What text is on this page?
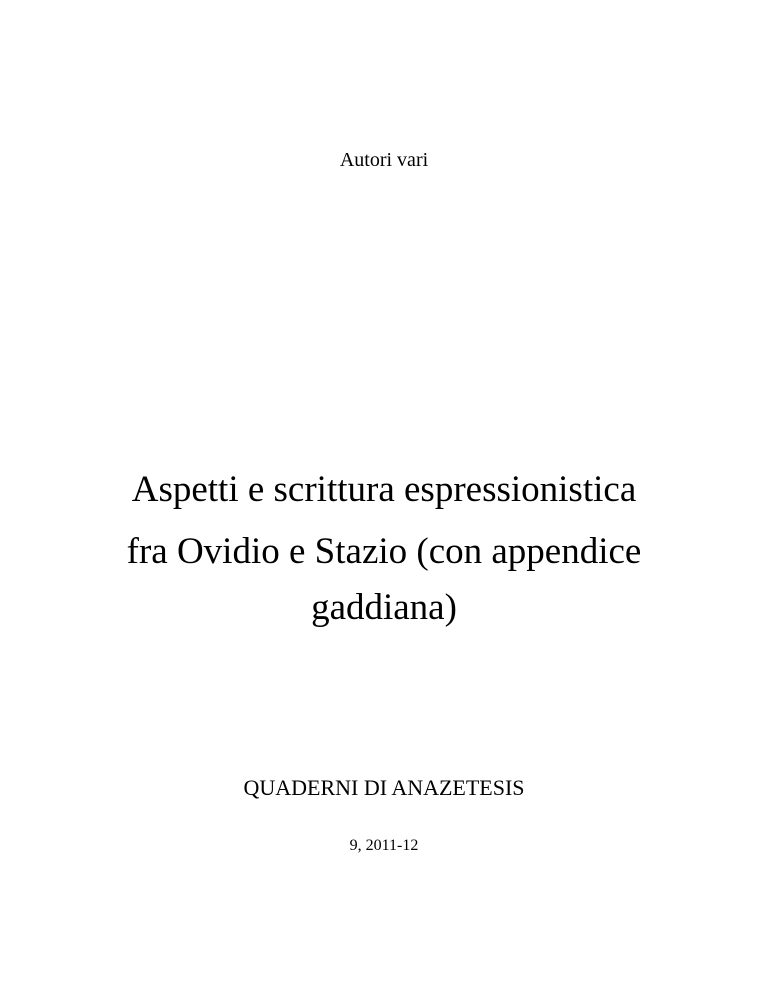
Autori vari
Aspetti e scrittura espressionistica
fra Ovidio e Stazio (con appendice
gaddiana)
QUADERNI DI ANAZETESIS
9, 2011-12
